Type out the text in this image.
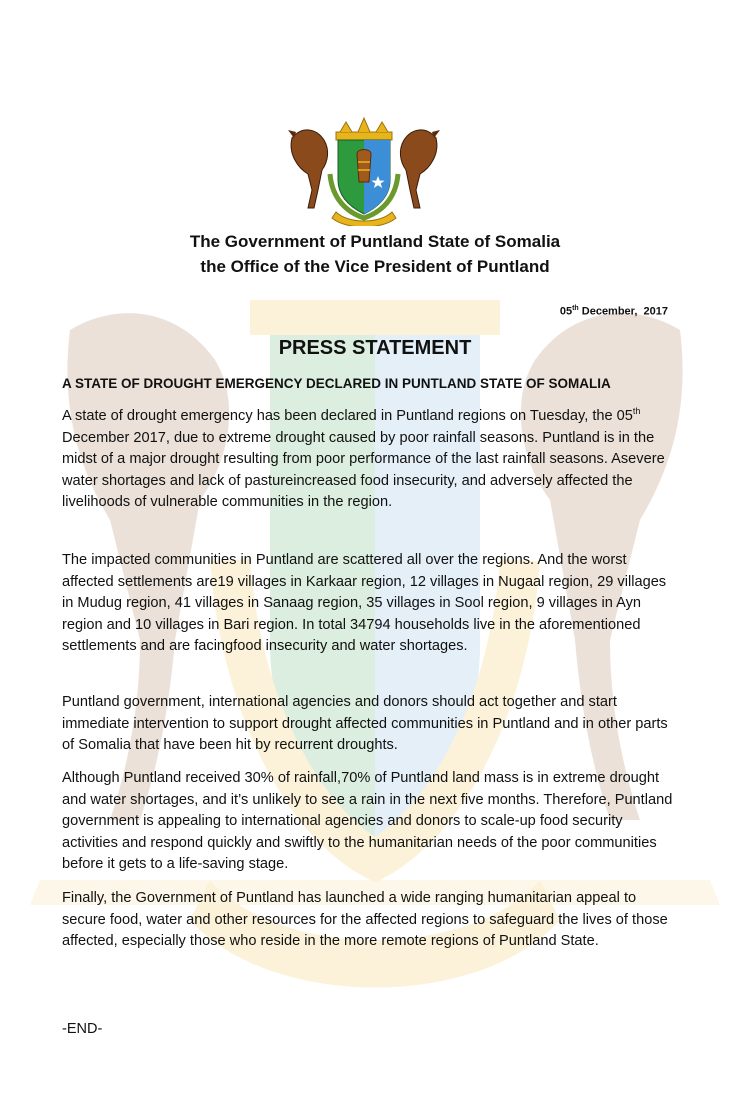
The Government of Puntland State of Somalia
the Office of the Vice President of Puntland
05th December,  2017
PRESS STATEMENT
A STATE OF DROUGHT EMERGENCY DECLARED IN PUNTLAND STATE OF SOMALIA
A state of drought emergency has been declared in Puntland regions on Tuesday, the 05th December 2017, due to extreme drought caused by poor rainfall seasons. Puntland is in the midst of a major drought resulting from poor performance of the last rainfall seasons. Asevere water shortages and lack of pastureincreased food insecurity, and adversely affected the livelihoods of vulnerable communities in the region.
The impacted communities in Puntland are scattered all over the regions. And the worst affected settlements are19 villages in Karkaar region, 12 villages in Nugaal region, 29 villages in Mudug region, 41 villages in Sanaag region, 35 villages in Sool region, 9 villages in Ayn region and 10 villages in Bari region. In total 34794 households live in the aforementioned settlements and are facingfood insecurity and water shortages.
Puntland government, international agencies and donors should act together and start immediate intervention to support drought affected communities in Puntland and in other parts of Somalia that have been hit by recurrent droughts.
Although Puntland received 30% of rainfall,70% of Puntland land mass is in extreme drought and water shortages, and it’s unlikely to see a rain in the next five months. Therefore, Puntland government is appealing to international agencies and donors to scale-up food security activities and respond quickly and swiftly to the humanitarian needs of the poor communities before it gets to a life-saving stage.
Finally, the Government of Puntland has launched a wide ranging humanitarian appeal to secure food, water and other resources for the affected regions to safeguard the lives of those affected, especially those who reside in the more remote regions of Puntland State.
-END-
